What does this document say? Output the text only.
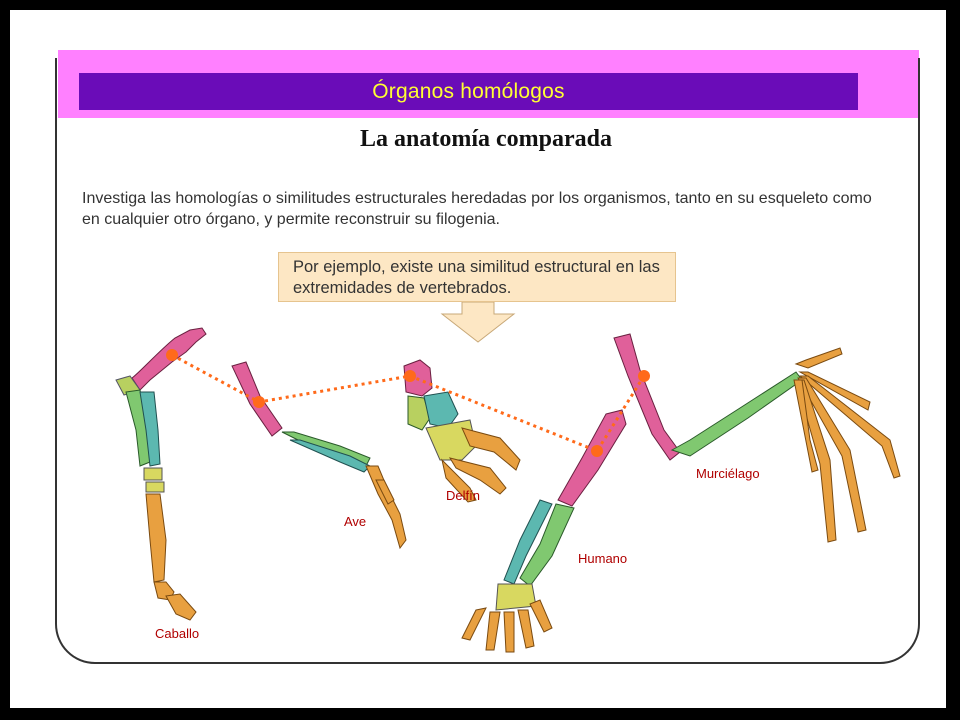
Órganos homólogos
La anatomía comparada
Investiga las homologías o similitudes estructurales heredadas por los organismos, tanto en su esqueleto como en cualquier otro órgano, y permite reconstruir su filogenia.
Por ejemplo, existe una similitud estructural en las extremidades de vertebrados.
Caballo
Ave
Delfín
Humano
Murciélago
